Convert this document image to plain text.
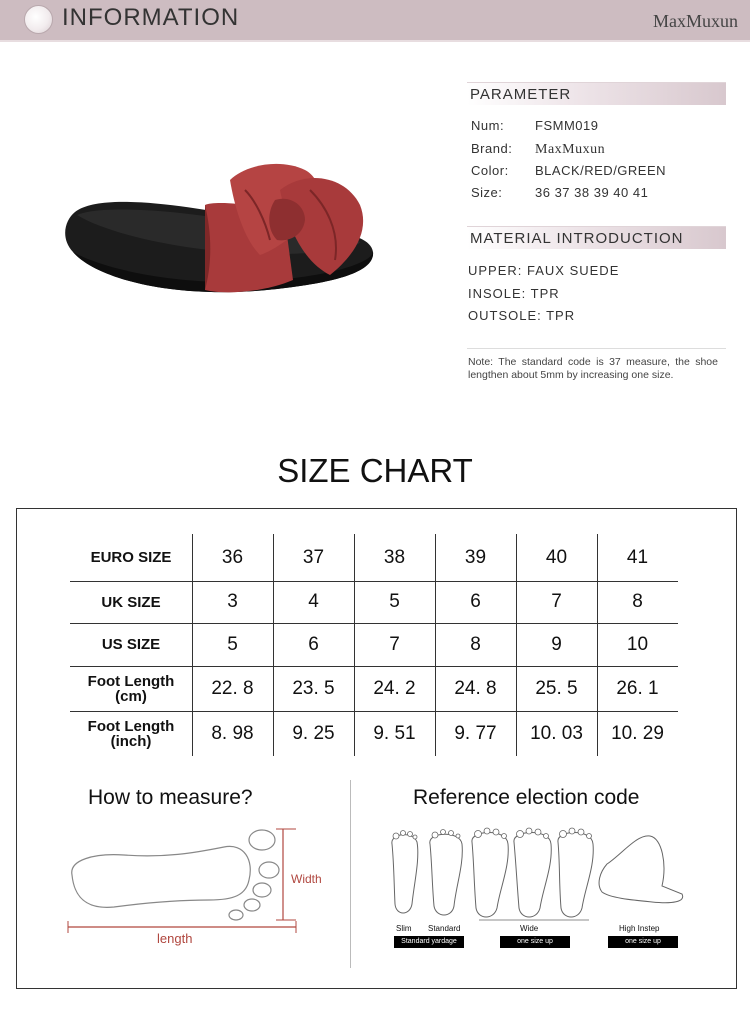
INFORMATION	MaxMuxun
PARAMETER
Num: FSMM019
Brand: MaxMuxun
Color: BLACK/RED/GREEN
Size:	36 37 38 39 40 41
MATERIAL INTRODUCTION
UPPER: FAUX SUEDE
INSOLE: TPR
OUTSOLE: TPR
Note: The standard code is 37 measure, the shoe lengthen about 5mm by increasing one size.
SIZE CHART
EURO SIZE	36	37	38	39	40	41
UK SIZE	3	4	5	6	7	8
US SIZE	5	6	7	8	9	10
Foot Length
(cm)	22. 8	23. 5	24. 2	24. 8	25. 5	26. 1
Foot Length
(inch)	8. 98	9. 25	9. 51	9. 77	10. 03	10. 29
How to measure?
Width
length
Reference election code
Slim Standard	Wide	High Instep
Standard yardage	one size up	one size up
